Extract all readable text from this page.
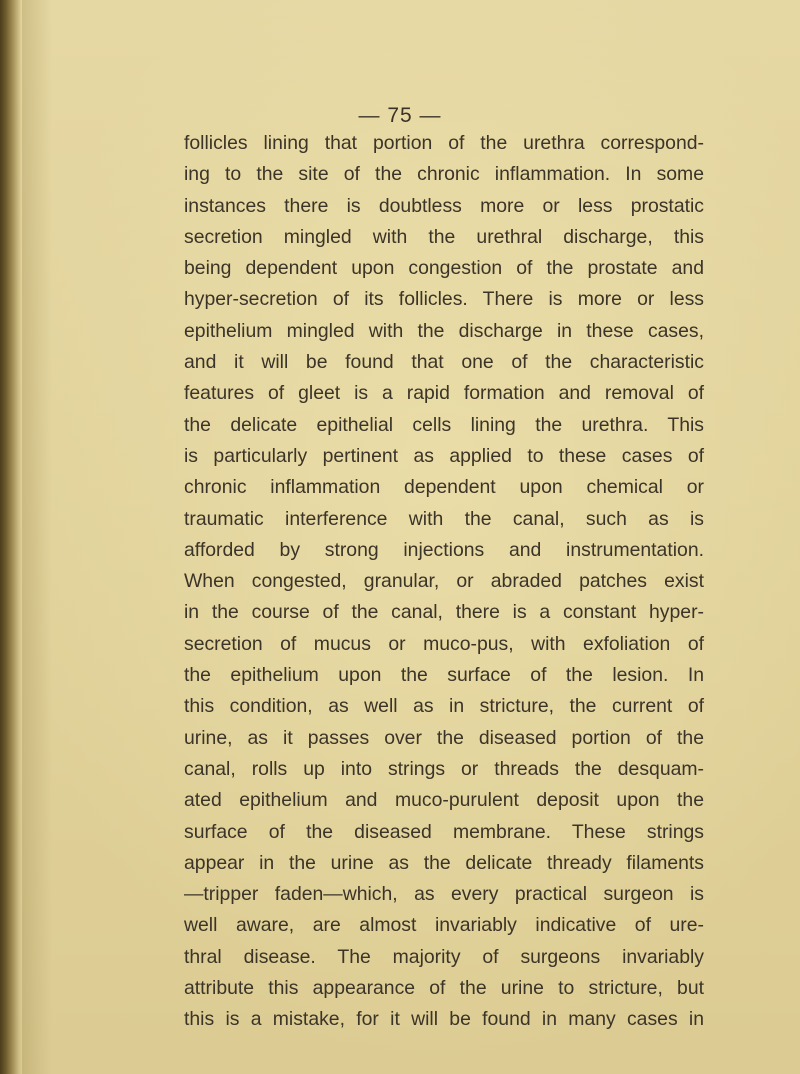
— 75 —

follicles lining that portion of the urethra correspond-
ing to the site of the chronic inflammation. In some
instances there is doubtless more or less prostatic
secretion mingled with the urethral discharge, this
being dependent upon congestion of the prostate and
hyper-secretion of its follicles. There is more or less
epithelium mingled with the discharge in these cases,
and it will be found that one of the characteristic
features of gleet is a rapid formation and removal of
the delicate epithelial cells lining the urethra. This
is particularly pertinent as applied to these cases of
chronic inflammation dependent upon chemical or
traumatic interference with the canal, such as is
afforded by strong injections and instrumentation.
When congested, granular, or abraded patches exist
in the course of the canal, there is a constant hyper-
secretion of mucus or muco-pus, with exfoliation of
the epithelium upon the surface of the lesion. In
this condition, as well as in stricture, the current of
urine, as it passes over the diseased portion of the
canal, rolls up into strings or threads the desquam-
ated epithelium and muco-purulent deposit upon the
surface of the diseased membrane. These strings
appear in the urine as the delicate thready filaments
—tripper faden—which, as every practical surgeon is
well aware, are almost invariably indicative of ure-
thral disease. The majority of surgeons invariably
attribute this appearance of the urine to stricture, but
this is a mistake, for it will be found in many cases in
